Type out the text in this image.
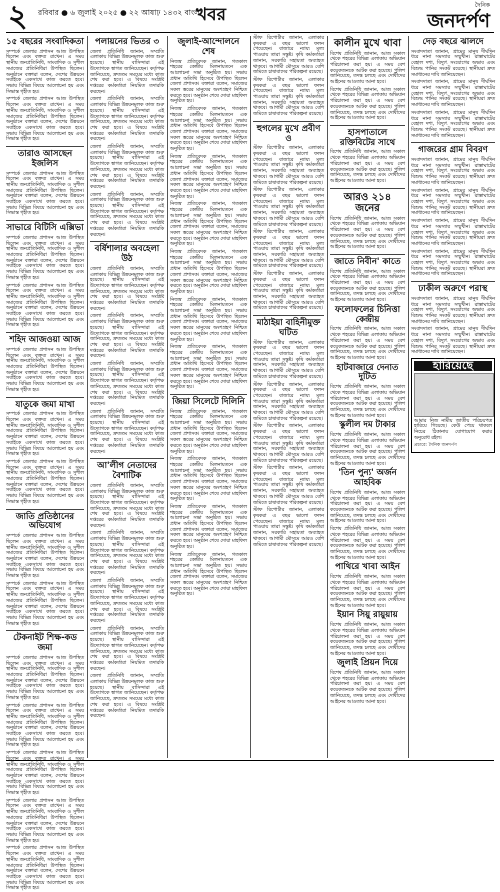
২ রবিবার ● ৬ জুলাই ২০২৫ ● ২২ আষাঢ় ১৪৩২ বাংলা
খবর	দৈনিক
জনদর্পণ
১৫ বছরের সংবাদিকতা

সম্পর্কে জেলার প্রশাসন আজ উপস্থিত ছিলেন এবং বক্তব্য রাখেন। এ সময় স্থানীয় জনপ্রতিনিধি, সাংবাদিক ও সুশীল সমাজের প্রতিনিধিরা উপস্থিত ছিলেন। অনুষ্ঠানে বক্তারা বলেন, দেশের উন্নয়নে সবাইকে একসাথে কাজ করতে হবে। সভায় বিভিন্ন বিষয়ে আলোচনা হয় এবং সিদ্ধান্ত গৃহীত হয়।

সম্পর্কে জেলার প্রশাসন আজ উপস্থিত ছিলেন এবং বক্তব্য রাখেন। এ সময় স্থানীয় জনপ্রতিনিধি, সাংবাদিক ও সুশীল সমাজের প্রতিনিধিরা উপস্থিত ছিলেন। অনুষ্ঠানে বক্তারা বলেন, দেশের উন্নয়নে সবাইকে একসাথে কাজ করতে হবে। সভায় বিভিন্ন বিষয়ে আলোচনা হয় এবং সিদ্ধান্ত গৃহীত হয়।

তারাও আসছেন ইজলিস

সম্পর্কে জেলার প্রশাসন আজ উপস্থিত ছিলেন এবং বক্তব্য রাখেন। এ সময় স্থানীয় জনপ্রতিনিধি, সাংবাদিক ও সুশীল সমাজের প্রতিনিধিরা উপস্থিত ছিলেন। অনুষ্ঠানে বক্তারা বলেন, দেশের উন্নয়নে সবাইকে একসাথে কাজ করতে হবে। সভায় বিভিন্ন বিষয়ে আলোচনা হয় এবং সিদ্ধান্ত গৃহীত হয়।

সাভারে বিটিসি এক্সিভা

সম্পর্কে জেলার প্রশাসন আজ উপস্থিত ছিলেন এবং বক্তব্য রাখেন। এ সময় স্থানীয় জনপ্রতিনিধি, সাংবাদিক ও সুশীল সমাজের প্রতিনিধিরা উপস্থিত ছিলেন। অনুষ্ঠানে বক্তারা বলেন, দেশের উন্নয়নে সবাইকে একসাথে কাজ করতে হবে। সভায় বিভিন্ন বিষয়ে আলোচনা হয় এবং সিদ্ধান্ত গৃহীত হয়।

সম্পর্কে জেলার প্রশাসন আজ উপস্থিত ছিলেন এবং বক্তব্য রাখেন। এ সময় স্থানীয় জনপ্রতিনিধি, সাংবাদিক ও সুশীল সমাজের প্রতিনিধিরা উপস্থিত ছিলেন। অনুষ্ঠানে বক্তারা বলেন, দেশের উন্নয়নে সবাইকে একসাথে কাজ করতে হবে। সভায় বিভিন্ন বিষয়ে আলোচনা হয় এবং সিদ্ধান্ত গৃহীত হয়।

শহিদ আজওয়া আজ

সম্পর্কে জেলার প্রশাসন আজ উপস্থিত ছিলেন এবং বক্তব্য রাখেন। এ সময় স্থানীয় জনপ্রতিনিধি, সাংবাদিক ও সুশীল সমাজের প্রতিনিধিরা উপস্থিত ছিলেন। অনুষ্ঠানে বক্তারা বলেন, দেশের উন্নয়নে সবাইকে একসাথে কাজ করতে হবে। সভায় বিভিন্ন বিষয়ে আলোচনা হয় এবং সিদ্ধান্ত গৃহীত হয়।

যাতুকে জমা মাখা

সম্পর্কে জেলার প্রশাসন আজ উপস্থিত ছিলেন এবং বক্তব্য রাখেন। এ সময় স্থানীয় জনপ্রতিনিধি, সাংবাদিক ও সুশীল সমাজের প্রতিনিধিরা উপস্থিত ছিলেন। অনুষ্ঠানে বক্তারা বলেন, দেশের উন্নয়নে সবাইকে একসাথে কাজ করতে হবে। সভায় বিভিন্ন বিষয়ে আলোচনা হয় এবং সিদ্ধান্ত গৃহীত হয়।

সম্পর্কে জেলার প্রশাসন আজ উপস্থিত ছিলেন এবং বক্তব্য রাখেন। এ সময় স্থানীয় জনপ্রতিনিধি, সাংবাদিক ও সুশীল সমাজের প্রতিনিধিরা উপস্থিত ছিলেন। অনুষ্ঠানে বক্তারা বলেন, দেশের উন্নয়নে সবাইকে একসাথে কাজ করতে হবে। সভায় বিভিন্ন বিষয়ে আলোচনা হয় এবং সিদ্ধান্ত গৃহীত হয়।

জাতি প্রতিষ্ঠানের অভিযোগ

সম্পর্কে জেলার প্রশাসন আজ উপস্থিত ছিলেন এবং বক্তব্য রাখেন। এ সময় স্থানীয় জনপ্রতিনিধি, সাংবাদিক ও সুশীল সমাজের প্রতিনিধিরা উপস্থিত ছিলেন। অনুষ্ঠানে বক্তারা বলেন, দেশের উন্নয়নে সবাইকে একসাথে কাজ করতে হবে। সভায় বিভিন্ন বিষয়ে আলোচনা হয় এবং সিদ্ধান্ত গৃহীত হয়।

সম্পর্কে জেলার প্রশাসন আজ উপস্থিত ছিলেন এবং বক্তব্য রাখেন। এ সময় স্থানীয় জনপ্রতিনিধি, সাংবাদিক ও সুশীল সমাজের প্রতিনিধিরা উপস্থিত ছিলেন। অনুষ্ঠানে বক্তারা বলেন, দেশের উন্নয়নে সবাইকে একসাথে কাজ করতে হবে। সভায় বিভিন্ন বিষয়ে আলোচনা হয় এবং সিদ্ধান্ত গৃহীত হয়।

টেকনাইট শিক্ষ-কড জমা

সম্পর্কে জেলার প্রশাসন আজ উপস্থিত ছিলেন এবং বক্তব্য রাখেন। এ সময় স্থানীয় জনপ্রতিনিধি, সাংবাদিক ও সুশীল সমাজের প্রতিনিধিরা উপস্থিত ছিলেন। অনুষ্ঠানে বক্তারা বলেন, দেশের উন্নয়নে সবাইকে একসাথে কাজ করতে হবে। সভায় বিভিন্ন বিষয়ে আলোচনা হয় এবং সিদ্ধান্ত গৃহীত হয়।

সম্পর্কে জেলার প্রশাসন আজ উপস্থিত ছিলেন এবং বক্তব্য রাখেন। এ সময় স্থানীয় জনপ্রতিনিধি, সাংবাদিক ও সুশীল সমাজের প্রতিনিধিরা উপস্থিত ছিলেন। অনুষ্ঠানে বক্তারা বলেন, দেশের উন্নয়নে সবাইকে একসাথে কাজ করতে হবে। সভায় বিভিন্ন বিষয়ে আলোচনা হয় এবং সিদ্ধান্ত গৃহীত হয়।

সম্পর্কে জেলার প্রশাসন আজ উপস্থিত ছিলেন এবং বক্তব্য রাখেন। এ সময় স্থানীয় জনপ্রতিনিধি, সাংবাদিক ও সুশীল সমাজের প্রতিনিধিরা উপস্থিত ছিলেন। অনুষ্ঠানে বক্তারা বলেন, দেশের উন্নয়নে সবাইকে একসাথে কাজ করতে হবে। সভায় বিভিন্ন বিষয়ে আলোচনা হয় এবং সিদ্ধান্ত গৃহীত হয়।

সম্পর্কে জেলার প্রশাসন আজ উপস্থিত ছিলেন এবং বক্তব্য রাখেন। এ সময় স্থানীয় জনপ্রতিনিধি, সাংবাদিক ও সুশীল সমাজের প্রতিনিধিরা উপস্থিত ছিলেন। অনুষ্ঠানে বক্তারা বলেন, দেশের উন্নয়নে সবাইকে একসাথে কাজ করতে হবে। সভায় বিভিন্ন বিষয়ে আলোচনা হয় এবং সিদ্ধান্ত গৃহীত হয়।

সম্পর্কে জেলার প্রশাসন আজ উপস্থিত ছিলেন এবং বক্তব্য রাখেন। এ সময় স্থানীয় জনপ্রতিনিধি, সাংবাদিক ও সুশীল সমাজের প্রতিনিধিরা উপস্থিত ছিলেন। অনুষ্ঠানে বক্তারা বলেন, দেশের উন্নয়নে সবাইকে একসাথে কাজ করতে হবে। সভায় বিভিন্ন বিষয়ে আলোচনা হয় এবং সিদ্ধান্ত গৃহীত হয়।

পলায়নের ভিতর ৩

জেলা প্রতিনিধি জানান, সম্প্রতি এলাকায় বিভিন্ন উন্নয়নমূলক কাজ শুরু হয়েছে। স্থানীয় বাসিন্দারা এই উদ্যোগকে স্বাগত জানিয়েছেন। কর্তৃপক্ষ জানিয়েছে, দ্রুততম সময়ের মধ্যে কাজ শেষ করা হবে। এ বিষয়ে সংশ্লিষ্ট দপ্তরের কর্মকর্তারা নিয়মিত তদারকি করছেন।

জেলা প্রতিনিধি জানান, সম্প্রতি এলাকায় বিভিন্ন উন্নয়নমূলক কাজ শুরু হয়েছে। স্থানীয় বাসিন্দারা এই উদ্যোগকে স্বাগত জানিয়েছেন। কর্তৃপক্ষ জানিয়েছে, দ্রুততম সময়ের মধ্যে কাজ শেষ করা হবে। এ বিষয়ে সংশ্লিষ্ট দপ্তরের কর্মকর্তারা নিয়মিত তদারকি করছেন।

জেলা প্রতিনিধি জানান, সম্প্রতি এলাকায় বিভিন্ন উন্নয়নমূলক কাজ শুরু হয়েছে। স্থানীয় বাসিন্দারা এই উদ্যোগকে স্বাগত জানিয়েছেন। কর্তৃপক্ষ জানিয়েছে, দ্রুততম সময়ের মধ্যে কাজ শেষ করা হবে। এ বিষয়ে সংশ্লিষ্ট দপ্তরের কর্মকর্তারা নিয়মিত তদারকি করছেন।

জেলা প্রতিনিধি জানান, সম্প্রতি এলাকায় বিভিন্ন উন্নয়নমূলক কাজ শুরু হয়েছে। স্থানীয় বাসিন্দারা এই উদ্যোগকে স্বাগত জানিয়েছেন। কর্তৃপক্ষ জানিয়েছে, দ্রুততম সময়ের মধ্যে কাজ শেষ করা হবে। এ বিষয়ে সংশ্লিষ্ট দপ্তরের কর্মকর্তারা নিয়মিত তদারকি করছেন।

বর্ষিশালার অবহেলা উঠ

জেলা প্রতিনিধি জানান, সম্প্রতি এলাকায় বিভিন্ন উন্নয়নমূলক কাজ শুরু হয়েছে। স্থানীয় বাসিন্দারা এই উদ্যোগকে স্বাগত জানিয়েছেন। কর্তৃপক্ষ জানিয়েছে, দ্রুততম সময়ের মধ্যে কাজ শেষ করা হবে। এ বিষয়ে সংশ্লিষ্ট দপ্তরের কর্মকর্তারা নিয়মিত তদারকি করছেন।

জেলা প্রতিনিধি জানান, সম্প্রতি এলাকায় বিভিন্ন উন্নয়নমূলক কাজ শুরু হয়েছে। স্থানীয় বাসিন্দারা এই উদ্যোগকে স্বাগত জানিয়েছেন। কর্তৃপক্ষ জানিয়েছে, দ্রুততম সময়ের মধ্যে কাজ শেষ করা হবে। এ বিষয়ে সংশ্লিষ্ট দপ্তরের কর্মকর্তারা নিয়মিত তদারকি করছেন।

জেলা প্রতিনিধি জানান, সম্প্রতি এলাকায় বিভিন্ন উন্নয়নমূলক কাজ শুরু হয়েছে। স্থানীয় বাসিন্দারা এই উদ্যোগকে স্বাগত জানিয়েছেন। কর্তৃপক্ষ জানিয়েছে, দ্রুততম সময়ের মধ্যে কাজ শেষ করা হবে। এ বিষয়ে সংশ্লিষ্ট দপ্তরের কর্মকর্তারা নিয়মিত তদারকি করছেন।

জেলা প্রতিনিধি জানান, সম্প্রতি এলাকায় বিভিন্ন উন্নয়নমূলক কাজ শুরু হয়েছে। স্থানীয় বাসিন্দারা এই উদ্যোগকে স্বাগত জানিয়েছেন। কর্তৃপক্ষ জানিয়েছে, দ্রুততম সময়ের মধ্যে কাজ শেষ করা হবে। এ বিষয়ে সংশ্লিষ্ট দপ্তরের কর্মকর্তারা নিয়মিত তদারকি করছেন।

আ'লীগ নেতাদের বৈশাটিক

জেলা প্রতিনিধি জানান, সম্প্রতি এলাকায় বিভিন্ন উন্নয়নমূলক কাজ শুরু হয়েছে। স্থানীয় বাসিন্দারা এই উদ্যোগকে স্বাগত জানিয়েছেন। কর্তৃপক্ষ জানিয়েছে, দ্রুততম সময়ের মধ্যে কাজ শেষ করা হবে। এ বিষয়ে সংশ্লিষ্ট দপ্তরের কর্মকর্তারা নিয়মিত তদারকি করছেন।

জেলা প্রতিনিধি জানান, সম্প্রতি এলাকায় বিভিন্ন উন্নয়নমূলক কাজ শুরু হয়েছে। স্থানীয় বাসিন্দারা এই উদ্যোগকে স্বাগত জানিয়েছেন। কর্তৃপক্ষ জানিয়েছে, দ্রুততম সময়ের মধ্যে কাজ শেষ করা হবে। এ বিষয়ে সংশ্লিষ্ট দপ্তরের কর্মকর্তারা নিয়মিত তদারকি করছেন।

জেলা প্রতিনিধি জানান, সম্প্রতি এলাকায় বিভিন্ন উন্নয়নমূলক কাজ শুরু হয়েছে। স্থানীয় বাসিন্দারা এই উদ্যোগকে স্বাগত জানিয়েছেন। কর্তৃপক্ষ জানিয়েছে, দ্রুততম সময়ের মধ্যে কাজ শেষ করা হবে। এ বিষয়ে সংশ্লিষ্ট দপ্তরের কর্মকর্তারা নিয়মিত তদারকি করছেন।

জেলা প্রতিনিধি জানান, সম্প্রতি এলাকায় বিভিন্ন উন্নয়নমূলক কাজ শুরু হয়েছে। স্থানীয় বাসিন্দারা এই উদ্যোগকে স্বাগত জানিয়েছেন। কর্তৃপক্ষ জানিয়েছে, দ্রুততম সময়ের মধ্যে কাজ শেষ করা হবে। এ বিষয়ে সংশ্লিষ্ট দপ্তরের কর্মকর্তারা নিয়মিত তদারকি করছেন।

জেলা প্রতিনিধি জানান, সম্প্রতি এলাকায় বিভিন্ন উন্নয়নমূলক কাজ শুরু হয়েছে। স্থানীয় বাসিন্দারা এই উদ্যোগকে স্বাগত জানিয়েছেন। কর্তৃপক্ষ জানিয়েছে, দ্রুততম সময়ের মধ্যে কাজ শেষ করা হবে। এ বিষয়ে সংশ্লিষ্ট দপ্তরের কর্মকর্তারা নিয়মিত তদারকি করছেন।

জুলাই-আন্দোলনে শেষ

নিজস্ব প্রতিবেদক জানান, গতকাল শহরের কেন্দ্রীয় মিলনায়তনে এক আলোচনা সভা অনুষ্ঠিত হয়। সভায় প্রধান অতিথি হিসেবে উপস্থিত ছিলেন জেলা প্রশাসক। বক্তারা বলেন, সমাজের সকল স্তরের মানুষের অংশগ্রহণ নিশ্চিত করতে হবে। অনুষ্ঠান শেষে দোয়া মাহফিল অনুষ্ঠিত হয়।

নিজস্ব প্রতিবেদক জানান, গতকাল শহরের কেন্দ্রীয় মিলনায়তনে এক আলোচনা সভা অনুষ্ঠিত হয়। সভায় প্রধান অতিথি হিসেবে উপস্থিত ছিলেন জেলা প্রশাসক। বক্তারা বলেন, সমাজের সকল স্তরের মানুষের অংশগ্রহণ নিশ্চিত করতে হবে। অনুষ্ঠান শেষে দোয়া মাহফিল অনুষ্ঠিত হয়।

নিজস্ব প্রতিবেদক জানান, গতকাল শহরের কেন্দ্রীয় মিলনায়তনে এক আলোচনা সভা অনুষ্ঠিত হয়। সভায় প্রধান অতিথি হিসেবে উপস্থিত ছিলেন জেলা প্রশাসক। বক্তারা বলেন, সমাজের সকল স্তরের মানুষের অংশগ্রহণ নিশ্চিত করতে হবে। অনুষ্ঠান শেষে দোয়া মাহফিল অনুষ্ঠিত হয়।

নিজস্ব প্রতিবেদক জানান, গতকাল শহরের কেন্দ্রীয় মিলনায়তনে এক আলোচনা সভা অনুষ্ঠিত হয়। সভায় প্রধান অতিথি হিসেবে উপস্থিত ছিলেন জেলা প্রশাসক। বক্তারা বলেন, সমাজের সকল স্তরের মানুষের অংশগ্রহণ নিশ্চিত করতে হবে। অনুষ্ঠান শেষে দোয়া মাহফিল অনুষ্ঠিত হয়।

নিজস্ব প্রতিবেদক জানান, গতকাল শহরের কেন্দ্রীয় মিলনায়তনে এক আলোচনা সভা অনুষ্ঠিত হয়। সভায় প্রধান অতিথি হিসেবে উপস্থিত ছিলেন জেলা প্রশাসক। বক্তারা বলেন, সমাজের সকল স্তরের মানুষের অংশগ্রহণ নিশ্চিত করতে হবে। অনুষ্ঠান শেষে দোয়া মাহফিল অনুষ্ঠিত হয়।

নিজস্ব প্রতিবেদক জানান, গতকাল শহরের কেন্দ্রীয় মিলনায়তনে এক আলোচনা সভা অনুষ্ঠিত হয়। সভায় প্রধান অতিথি হিসেবে উপস্থিত ছিলেন জেলা প্রশাসক। বক্তারা বলেন, সমাজের সকল স্তরের মানুষের অংশগ্রহণ নিশ্চিত করতে হবে। অনুষ্ঠান শেষে দোয়া মাহফিল অনুষ্ঠিত হয়।

নিজস্ব প্রতিবেদক জানান, গতকাল শহরের কেন্দ্রীয় মিলনায়তনে এক আলোচনা সভা অনুষ্ঠিত হয়। সভায় প্রধান অতিথি হিসেবে উপস্থিত ছিলেন জেলা প্রশাসক। বক্তারা বলেন, সমাজের সকল স্তরের মানুষের অংশগ্রহণ নিশ্চিত করতে হবে। অনুষ্ঠান শেষে দোয়া মাহফিল অনুষ্ঠিত হয়।

জিয়া সিলেটে দিলিনি

নিজস্ব প্রতিবেদক জানান, গতকাল শহরের কেন্দ্রীয় মিলনায়তনে এক আলোচনা সভা অনুষ্ঠিত হয়। সভায় প্রধান অতিথি হিসেবে উপস্থিত ছিলেন জেলা প্রশাসক। বক্তারা বলেন, সমাজের সকল স্তরের মানুষের অংশগ্রহণ নিশ্চিত করতে হবে। অনুষ্ঠান শেষে দোয়া মাহফিল অনুষ্ঠিত হয়।

নিজস্ব প্রতিবেদক জানান, গতকাল শহরের কেন্দ্রীয় মিলনায়তনে এক আলোচনা সভা অনুষ্ঠিত হয়। সভায় প্রধান অতিথি হিসেবে উপস্থিত ছিলেন জেলা প্রশাসক। বক্তারা বলেন, সমাজের সকল স্তরের মানুষের অংশগ্রহণ নিশ্চিত করতে হবে। অনুষ্ঠান শেষে দোয়া মাহফিল অনুষ্ঠিত হয়।

নিজস্ব প্রতিবেদক জানান, গতকাল শহরের কেন্দ্রীয় মিলনায়তনে এক আলোচনা সভা অনুষ্ঠিত হয়। সভায় প্রধান অতিথি হিসেবে উপস্থিত ছিলেন জেলা প্রশাসক। বক্তারা বলেন, সমাজের সকল স্তরের মানুষের অংশগ্রহণ নিশ্চিত করতে হবে। অনুষ্ঠান শেষে দোয়া মাহফিল অনুষ্ঠিত হয়।

নিজস্ব প্রতিবেদক জানান, গতকাল শহরের কেন্দ্রীয় মিলনায়তনে এক আলোচনা সভা অনুষ্ঠিত হয়। সভায় প্রধান অতিথি হিসেবে উপস্থিত ছিলেন জেলা প্রশাসক। বক্তারা বলেন, সমাজের সকল স্তরের মানুষের অংশগ্রহণ নিশ্চিত করতে হবে। অনুষ্ঠান শেষে দোয়া মাহফিল অনুষ্ঠিত হয়।

স্টাফ রিপোর্টার জানান, এলাকার কৃষকরা এ বছর ভালো ফলন পেয়েছেন। বাজারে ন্যায্য মূল্য পাওয়ায় তারা সন্তুষ্ট। কৃষি কর্মকর্তারা জানান, সরকারি সহায়তা অব্যাহত থাকবে। আগামী মৌসুমে আরও বেশি জমিতে চাষাবাদের পরিকল্পনা রয়েছে।

স্টাফ রিপোর্টার জানান, এলাকার কৃষকরা এ বছর ভালো ফলন পেয়েছেন। বাজারে ন্যায্য মূল্য পাওয়ায় তারা সন্তুষ্ট। কৃষি কর্মকর্তারা জানান, সরকারি সহায়তা অব্যাহত থাকবে। আগামী মৌসুমে আরও বেশি জমিতে চাষাবাদের পরিকল্পনা রয়েছে।

হুগলের মুখে প্রবীণ ও

স্টাফ রিপোর্টার জানান, এলাকার কৃষকরা এ বছর ভালো ফলন পেয়েছেন। বাজারে ন্যায্য মূল্য পাওয়ায় তারা সন্তুষ্ট। কৃষি কর্মকর্তারা জানান, সরকারি সহায়তা অব্যাহত থাকবে। আগামী মৌসুমে আরও বেশি জমিতে চাষাবাদের পরিকল্পনা রয়েছে।

স্টাফ রিপোর্টার জানান, এলাকার কৃষকরা এ বছর ভালো ফলন পেয়েছেন। বাজারে ন্যায্য মূল্য পাওয়ায় তারা সন্তুষ্ট। কৃষি কর্মকর্তারা জানান, সরকারি সহায়তা অব্যাহত থাকবে। আগামী মৌসুমে আরও বেশি জমিতে চাষাবাদের পরিকল্পনা রয়েছে।

স্টাফ রিপোর্টার জানান, এলাকার কৃষকরা এ বছর ভালো ফলন পেয়েছেন। বাজারে ন্যায্য মূল্য পাওয়ায় তারা সন্তুষ্ট। কৃষি কর্মকর্তারা জানান, সরকারি সহায়তা অব্যাহত থাকবে। আগামী মৌসুমে আরও বেশি জমিতে চাষাবাদের পরিকল্পনা রয়েছে।

স্টাফ রিপোর্টার জানান, এলাকার কৃষকরা এ বছর ভালো ফলন পেয়েছেন। বাজারে ন্যায্য মূল্য পাওয়ায় তারা সন্তুষ্ট। কৃষি কর্মকর্তারা জানান, সরকারি সহায়তা অব্যাহত থাকবে। আগামী মৌসুমে আরও বেশি জমিতে চাষাবাদের পরিকল্পনা রয়েছে।

মাঠাইয়া বাহিনীমুক্ত ঘটিত

স্টাফ রিপোর্টার জানান, এলাকার কৃষকরা এ বছর ভালো ফলন পেয়েছেন। বাজারে ন্যায্য মূল্য পাওয়ায় তারা সন্তুষ্ট। কৃষি কর্মকর্তারা জানান, সরকারি সহায়তা অব্যাহত থাকবে। আগামী মৌসুমে আরও বেশি জমিতে চাষাবাদের পরিকল্পনা রয়েছে।

স্টাফ রিপোর্টার জানান, এলাকার কৃষকরা এ বছর ভালো ফলন পেয়েছেন। বাজারে ন্যায্য মূল্য পাওয়ায় তারা সন্তুষ্ট। কৃষি কর্মকর্তারা জানান, সরকারি সহায়তা অব্যাহত থাকবে। আগামী মৌসুমে আরও বেশি জমিতে চাষাবাদের পরিকল্পনা রয়েছে।

স্টাফ রিপোর্টার জানান, এলাকার কৃষকরা এ বছর ভালো ফলন পেয়েছেন। বাজারে ন্যায্য মূল্য পাওয়ায় তারা সন্তুষ্ট। কৃষি কর্মকর্তারা জানান, সরকারি সহায়তা অব্যাহত থাকবে। আগামী মৌসুমে আরও বেশি জমিতে চাষাবাদের পরিকল্পনা রয়েছে।

স্টাফ রিপোর্টার জানান, এলাকার কৃষকরা এ বছর ভালো ফলন পেয়েছেন। বাজারে ন্যায্য মূল্য পাওয়ায় তারা সন্তুষ্ট। কৃষি কর্মকর্তারা জানান, সরকারি সহায়তা অব্যাহত থাকবে। আগামী মৌসুমে আরও বেশি জমিতে চাষাবাদের পরিকল্পনা রয়েছে।

স্টাফ রিপোর্টার জানান, এলাকার কৃষকরা এ বছর ভালো ফলন পেয়েছেন। বাজারে ন্যায্য মূল্য পাওয়ায় তারা সন্তুষ্ট। কৃষি কর্মকর্তারা জানান, সরকারি সহায়তা অব্যাহত থাকবে। আগামী মৌসুমে আরও বেশি জমিতে চাষাবাদের পরিকল্পনা রয়েছে।

কালীন মুখে থাবা

বিশেষ প্রতিনিধি জানান, আজ সকাল থেকে শহরের বিভিন্ন এলাকায় অভিযান পরিচালনা করা হয়। এ সময় বেশ কয়েকজনকে আটক করা হয়েছে। পুলিশ জানিয়েছে, তদন্ত চলছে এবং দোষীদের আইনের আওতায় আনা হবে।

বিশেষ প্রতিনিধি জানান, আজ সকাল থেকে শহরের বিভিন্ন এলাকায় অভিযান পরিচালনা করা হয়। এ সময় বেশ কয়েকজনকে আটক করা হয়েছে। পুলিশ জানিয়েছে, তদন্ত চলছে এবং দোষীদের আইনের আওতায় আনা হবে।

হাসপাতালে রক্তিবিটের সাথে

বিশেষ প্রতিনিধি জানান, আজ সকাল থেকে শহরের বিভিন্ন এলাকায় অভিযান পরিচালনা করা হয়। এ সময় বেশ কয়েকজনকে আটক করা হয়েছে। পুলিশ জানিয়েছে, তদন্ত চলছে এবং দোষীদের আইনের আওতায় আনা হবে।

আরও ২১৪ জনের

বিশেষ প্রতিনিধি জানান, আজ সকাল থেকে শহরের বিভিন্ন এলাকায় অভিযান পরিচালনা করা হয়। এ সময় বেশ কয়েকজনকে আটক করা হয়েছে। পুলিশ জানিয়েছে, তদন্ত চলছে এবং দোষীদের আইনের আওতায় আনা হবে।

জাতে নিবীন' কাতে

বিশেষ প্রতিনিধি জানান, আজ সকাল থেকে শহরের বিভিন্ন এলাকায় অভিযান পরিচালনা করা হয়। এ সময় বেশ কয়েকজনকে আটক করা হয়েছে। পুলিশ জানিয়েছে, তদন্ত চলছে এবং দোষীদের আইনের আওতায় আনা হবে।

ফলোফলের চিনিত্তা কেন্দ্রীয়

বিশেষ প্রতিনিধি জানান, আজ সকাল থেকে শহরের বিভিন্ন এলাকায় অভিযান পরিচালনা করা হয়। এ সময় বেশ কয়েকজনকে আটক করা হয়েছে। পুলিশ জানিয়েছে, তদন্ত চলছে এবং দোষীদের আইনের আওতায় আনা হবে।

হাটবাজারে দেনাত দুটিত

বিশেষ প্রতিনিধি জানান, আজ সকাল থেকে শহরের বিভিন্ন এলাকায় অভিযান পরিচালনা করা হয়। এ সময় বেশ কয়েকজনকে আটক করা হয়েছে। পুলিশ জানিয়েছে, তদন্ত চলছে এবং দোষীদের আইনের আওতায় আনা হবে।

স্কুলীল দম টাকার

বিশেষ প্রতিনিধি জানান, আজ সকাল থেকে শহরের বিভিন্ন এলাকায় অভিযান পরিচালনা করা হয়। এ সময় বেশ কয়েকজনকে আটক করা হয়েছে। পুলিশ জানিয়েছে, তদন্ত চলছে এবং দোষীদের আইনের আওতায় আনা হবে।

'তিন পুন্য' অর্জন আহবিক

বিশেষ প্রতিনিধি জানান, আজ সকাল থেকে শহরের বিভিন্ন এলাকায় অভিযান পরিচালনা করা হয়। এ সময় বেশ কয়েকজনকে আটক করা হয়েছে। পুলিশ জানিয়েছে, তদন্ত চলছে এবং দোষীদের আইনের আওতায় আনা হবে।

বিশেষ প্রতিনিধি জানান, আজ সকাল থেকে শহরের বিভিন্ন এলাকায় অভিযান পরিচালনা করা হয়। এ সময় বেশ কয়েকজনকে আটক করা হয়েছে। পুলিশ জানিয়েছে, তদন্ত চলছে এবং দোষীদের আইনের আওতায় আনা হবে।

পাথিরে খাবা আইন

বিশেষ প্রতিনিধি জানান, আজ সকাল থেকে শহরের বিভিন্ন এলাকায় অভিযান পরিচালনা করা হয়। এ সময় বেশ কয়েকজনকে আটক করা হয়েছে। পুলিশ জানিয়েছে, তদন্ত চলছে এবং দোষীদের আইনের আওতায় আনা হবে।

ইয়ান সিয়ু রায়ুয়ায়

বিশেষ প্রতিনিধি জানান, আজ সকাল থেকে শহরের বিভিন্ন এলাকায় অভিযান পরিচালনা করা হয়। এ সময় বেশ কয়েকজনকে আটক করা হয়েছে। পুলিশ জানিয়েছে, তদন্ত চলছে এবং দোষীদের আইনের আওতায় আনা হবে।

জুলাই প্রিয়ন দিয়ে

বিশেষ প্রতিনিধি জানান, আজ সকাল থেকে শহরের বিভিন্ন এলাকায় অভিযান পরিচালনা করা হয়। এ সময় বেশ কয়েকজনকে আটক করা হয়েছে। পুলিশ জানিয়েছে, তদন্ত চলছে এবং দোষীদের আইনের আওতায় আনা হবে।

দেড় বছরে ঝালদে

সংবাদদাতা জানান, গ্রামের মানুষ দীর্ঘদিন ধরে নানা সমস্যার সম্মুখীন। রাস্তাঘাটের বেহাল দশা, বিদ্যুৎ সংযোগের অভাব এবং বিশুদ্ধ পানির সংকট রয়েছে। স্থানীয়রা দ্রুত সমাধানের দাবি জানিয়েছেন।

সংবাদদাতা জানান, গ্রামের মানুষ দীর্ঘদিন ধরে নানা সমস্যার সম্মুখীন। রাস্তাঘাটের বেহাল দশা, বিদ্যুৎ সংযোগের অভাব এবং বিশুদ্ধ পানির সংকট রয়েছে। স্থানীয়রা দ্রুত সমাধানের দাবি জানিয়েছেন।

সংবাদদাতা জানান, গ্রামের মানুষ দীর্ঘদিন ধরে নানা সমস্যার সম্মুখীন। রাস্তাঘাটের বেহাল দশা, বিদ্যুৎ সংযোগের অভাব এবং বিশুদ্ধ পানির সংকট রয়েছে। স্থানীয়রা দ্রুত সমাধানের দাবি জানিয়েছেন।

গাজরের গ্রাম বিবরণ

সংবাদদাতা জানান, গ্রামের মানুষ দীর্ঘদিন ধরে নানা সমস্যার সম্মুখীন। রাস্তাঘাটের বেহাল দশা, বিদ্যুৎ সংযোগের অভাব এবং বিশুদ্ধ পানির সংকট রয়েছে। স্থানীয়রা দ্রুত সমাধানের দাবি জানিয়েছেন।

সংবাদদাতা জানান, গ্রামের মানুষ দীর্ঘদিন ধরে নানা সমস্যার সম্মুখীন। রাস্তাঘাটের বেহাল দশা, বিদ্যুৎ সংযোগের অভাব এবং বিশুদ্ধ পানির সংকট রয়েছে। স্থানীয়রা দ্রুত সমাধানের দাবি জানিয়েছেন।

সংবাদদাতা জানান, গ্রামের মানুষ দীর্ঘদিন ধরে নানা সমস্যার সম্মুখীন। রাস্তাঘাটের বেহাল দশা, বিদ্যুৎ সংযোগের অভাব এবং বিশুদ্ধ পানির সংকট রয়েছে। স্থানীয়রা দ্রুত সমাধানের দাবি জানিয়েছেন।

সংবাদদাতা জানান, গ্রামের মানুষ দীর্ঘদিন ধরে নানা সমস্যার সম্মুখীন। রাস্তাঘাটের বেহাল দশা, বিদ্যুৎ সংযোগের অভাব এবং বিশুদ্ধ পানির সংকট রয়েছে। স্থানীয়রা দ্রুত সমাধানের দাবি জানিয়েছেন।

ঢাকীল অরুণে পরাস্থ

সংবাদদাতা জানান, গ্রামের মানুষ দীর্ঘদিন ধরে নানা সমস্যার সম্মুখীন। রাস্তাঘাটের বেহাল দশা, বিদ্যুৎ সংযোগের অভাব এবং বিশুদ্ধ পানির সংকট রয়েছে। স্থানীয়রা দ্রুত সমাধানের দাবি জানিয়েছেন।

সংবাদদাতা জানান, গ্রামের মানুষ দীর্ঘদিন ধরে নানা সমস্যার সম্মুখীন। রাস্তাঘাটের বেহাল দশা, বিদ্যুৎ সংযোগের অভাব এবং বিশুদ্ধ পানির সংকট রয়েছে। স্থানীয়রা দ্রুত সমাধানের দাবি জানিয়েছেন।

হারিয়েছে

আমার নিজ নামীয় জাতীয় পরিচয়পত্র হারিয়ে গিয়েছে। কেউ পেয়ে থাকলে নিচের ঠিকানায় যোগাযোগ করার অনুরোধ রইল।

প্রচারে: দৈনিক জনদর্পণ
